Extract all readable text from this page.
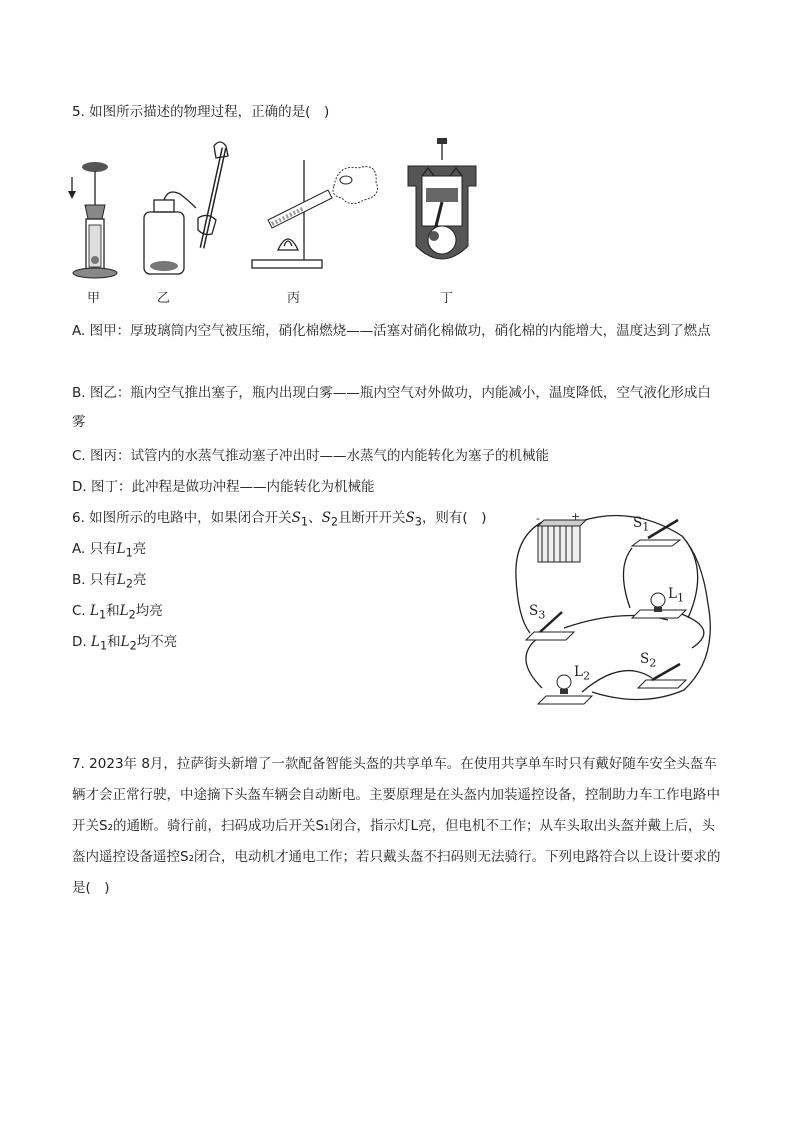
5. 如图所示描述的物理过程，正确的是(　)
甲	乙	丙	丁
A. 图甲：厚玻璃筒内空气被压缩，硝化棉燃烧——活塞对硝化棉做功，硝化棉的内能增大，温度达到了燃点
B. 图乙：瓶内空气推出塞子，瓶内出现白雾——瓶内空气对外做功，内能减小，温度降低，空气液化形成白雾
C. 图丙：试管内的水蒸气推动塞子冲出时——水蒸气的内能转化为塞子的机械能
D. 图丁：此冲程是做功冲程——内能转化为机械能
6. 如图所示的电路中，如果闭合开关$S_1$、$S_2$且断开开关$S_3$，则有(　)
A. 只有$L_1$亮
B. 只有$L_2$亮
C. $L_1$和$L_2$均亮
D. $L_1$和$L_2$均不亮
-	+	$S_1$
$L_1$
$S_3$
$S_2$
$L_2$
7. 2023年 8月，拉萨街头新增了一款配备智能头盔的共享单车。在使用共享单车时只有戴好随车安全头盔车辆才会正常行驶，中途摘下头盔车辆会自动断电。主要原理是在头盔内加装遥控设备，控制助力车工作电路中开关S₂的通断。骑行前，扫码成功后开关S₁闭合，指示灯L亮，但电机不工作；从车头取出头盔并戴上后，头盔内遥控设备遥控S₂闭合，电动机才通电工作；若只戴头盔不扫码则无法骑行。下列电路符合以上设计要求的是(　)
